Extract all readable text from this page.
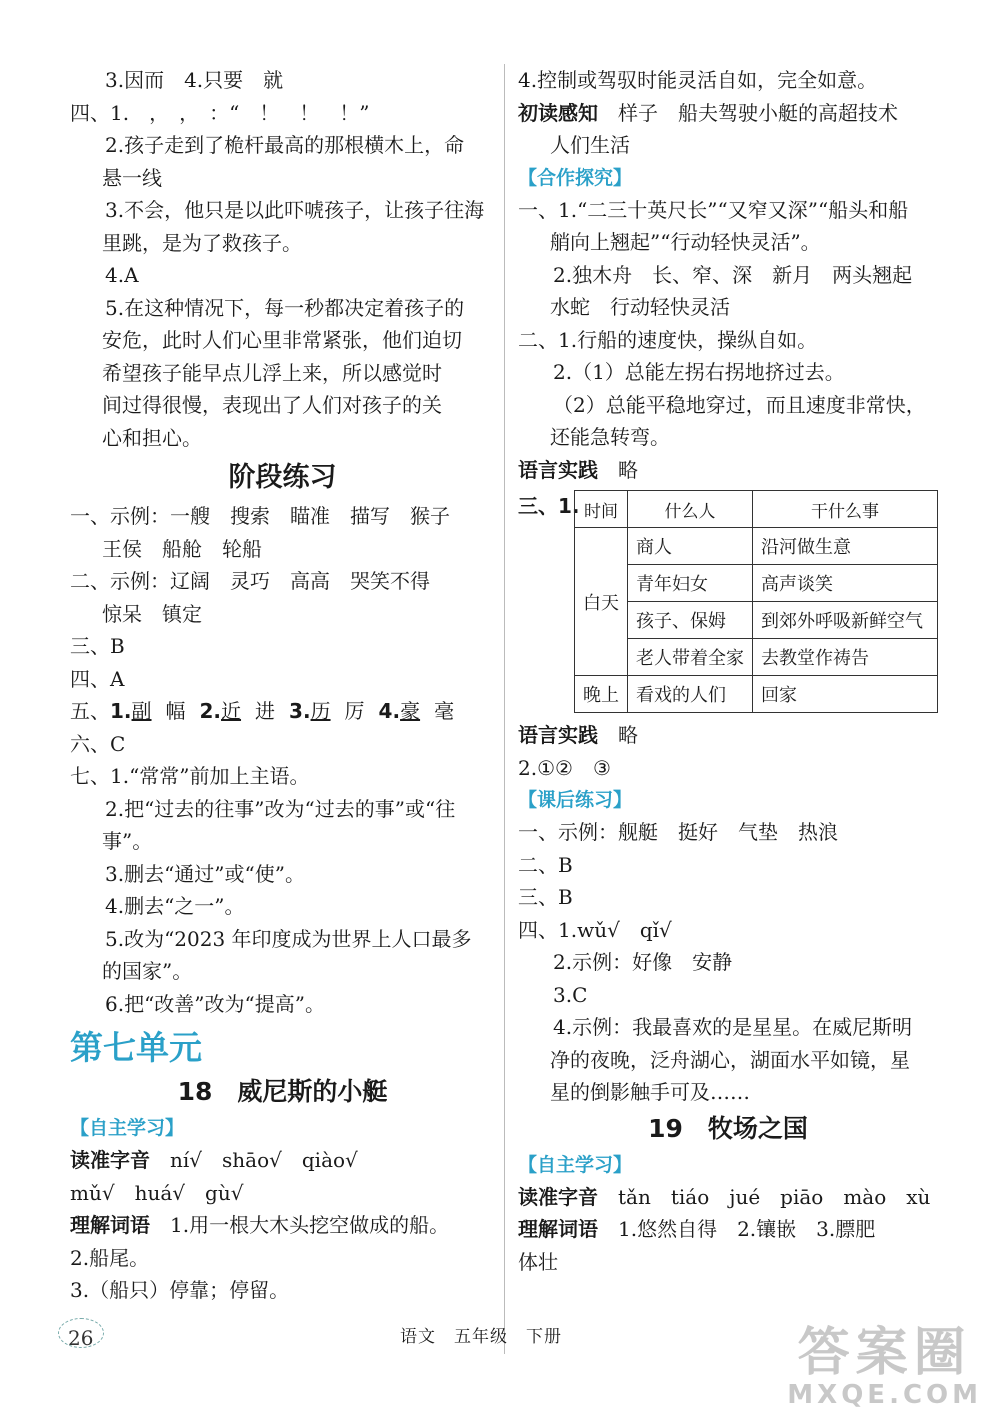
3.因而　4.只要　就
四、1.　，　，　：“　！　！　！”
2.孩子走到了桅杆最高的那根横木上，命
悬一线
3.不会，他只是以此吓唬孩子，让孩子往海
里跳，是为了救孩子。
4.A
5.在这种情况下，每一秒都决定着孩子的
安危，此时人们心里非常紧张，他们迫切
希望孩子能早点儿浮上来，所以感觉时
间过得很慢，表现出了人们对孩子的关
心和担心。
阶段练习
一、示例：一艘　搜索　瞄准　描写　猴子
王侯　船舱　轮船
二、示例：辽阔　灵巧　高高　哭笑不得
惊呆　镇定
三、B
四、A
五、1.副 幅 2.近 进 3.历 厉 4.豪 毫
六、C
七、1.“常常”前加上主语。
2.把“过去的往事”改为“过去的事”或“往
事”。
3.删去“通过”或“使”。
4.删去“之一”。
5.改为“2023 年印度成为世界上人口最多
的国家”。
6.把“改善”改为“提高”。
第七单元
18　威尼斯的小艇
【自主学习】
读准字音　 ní√　shāo√　qiào√
mǔ√　huá√　gù√
理解词语　 1.用一根大木头挖空做成的船。
2.船尾。
3.（船只）停靠；停留。
4.控制或驾驭时能灵活自如，完全如意。
初读感知　 样子　船夫驾驶小艇的高超技术
人们生活
【合作探究】
一、1.“二三十英尺长”“又窄又深”“船头和船
艄向上翘起”“行动轻快灵活”。
2.独木舟　长、窄、深　新月　两头翘起
水蛇　行动轻快灵活
二、1.行船的速度快，操纵自如。
2.（1）总能左拐右拐地挤过去。
（2）总能平稳地穿过，而且速度非常快，
还能急转弯。
语言实践　 略
三、1. 时间	什么人	干什么事
白天	商人	沿河做生意
	青年妇女	高声谈笑
	孩子、保姆	到郊外呼吸新鲜空气
	老人带着全家	去教堂作祷告
晚上	看戏的人们	回家
语言实践　 略
2.①②　③
【课后练习】
一、示例：舰艇　挺好　气垫　热浪
二、B
三、B
四、1.wǔ√　qǐ√
2.示例：好像　安静
3.C
4.示例：我最喜欢的是星星。在威尼斯明
净的夜晚，泛舟湖心，湖面水平如镜，星
星的倒影触手可及……
19　牧场之国
【自主学习】
读准字音　 tǎn　tiáo　jué　piāo　mào　xù
理解词语　 1.悠然自得　2.镶嵌　3.膘肥
体壮
26	语文　五年级　下册	答案圈
MXQE.COM
